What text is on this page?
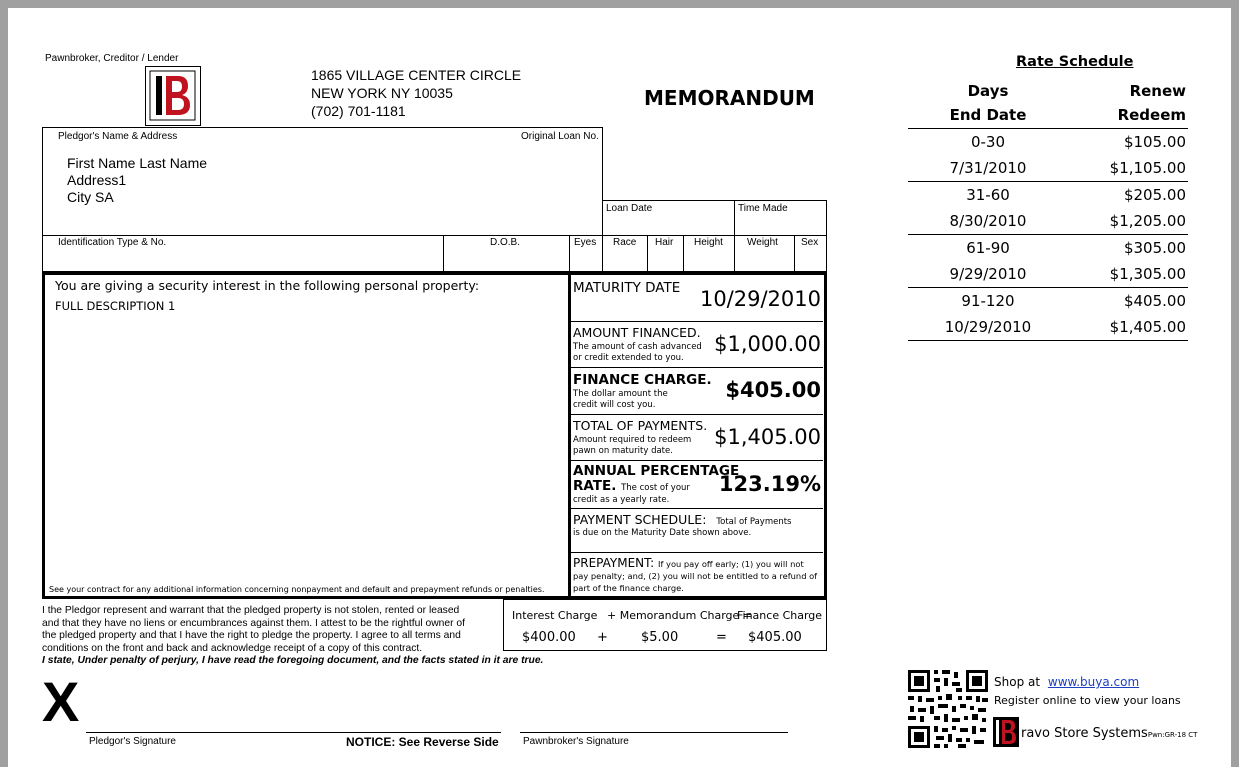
Pawnbroker, Creditor / Lender
1865 VILLAGE CENTER CIRCLE
NEW YORK NY 10035
(702) 701-1181
MEMORANDUM
Pledgor's Name & Address	Original Loan No.
First Name Last Name
Address1
City SA
Loan Date	Time Made
Identification Type & No.	D.O.B.	Eyes Race Hair Height Weight Sex
You are giving a security interest in the following personal property:
FULL DESCRIPTION 1
See your contract for any additional information concerning nonpayment and default and prepayment refunds or penalties.
MATURITY DATE 10/29/2010
AMOUNT FINANCED.
The amount of cash advanced
or credit extended to you.
$1,000.00
FINANCE CHARGE.
The dollar amount the
credit will cost you.
$405.00
TOTAL OF PAYMENTS.
Amount required to redeem
pawn on maturity date.
$1,405.00
ANNUAL PERCENTAGE
RATE. The cost of your
credit as a yearly rate.
123.19%
PAYMENT SCHEDULE: Total of Payments
is due on the Maturity Date shown above.
PREPAYMENT: If you pay off early; (1) you will not
pay penalty; and, (2) you will not be entitled to a refund of
part of the finance charge.
I the Pledgor represent and warrant that the pledged property is not stolen, rented or leased
and that they have no liens or encumbrances against them. I attest to be the rightful owner of
the pledged property and that I have the right to pledge the property. I agree to all terms and
conditions on the front and back and acknowledge receipt of a copy of this contract.
I state, Under penalty of perjury, I have read the foregoing document, and the facts stated in it are true.
Interest Charge + Memorandum Charge =
Finance Charge
$400.00 +	$5.00	= $405.00
X
Pledgor's Signature	NOTICE: See Reverse Side Pawnbroker's Signature
Rate Schedule
Days	Renew
End Date	Redeem
0-30	$105.00
7/31/2010	$1,105.00
31-60	$205.00
8/30/2010	$1,205.00
61-90	$305.00
9/29/2010	$1,305.00
91-120	$405.00
10/29/2010	$1,405.00
Shop at www.buya.com
Register online to view your loans
ravo Store SystemsPwn:GR-18 CT
